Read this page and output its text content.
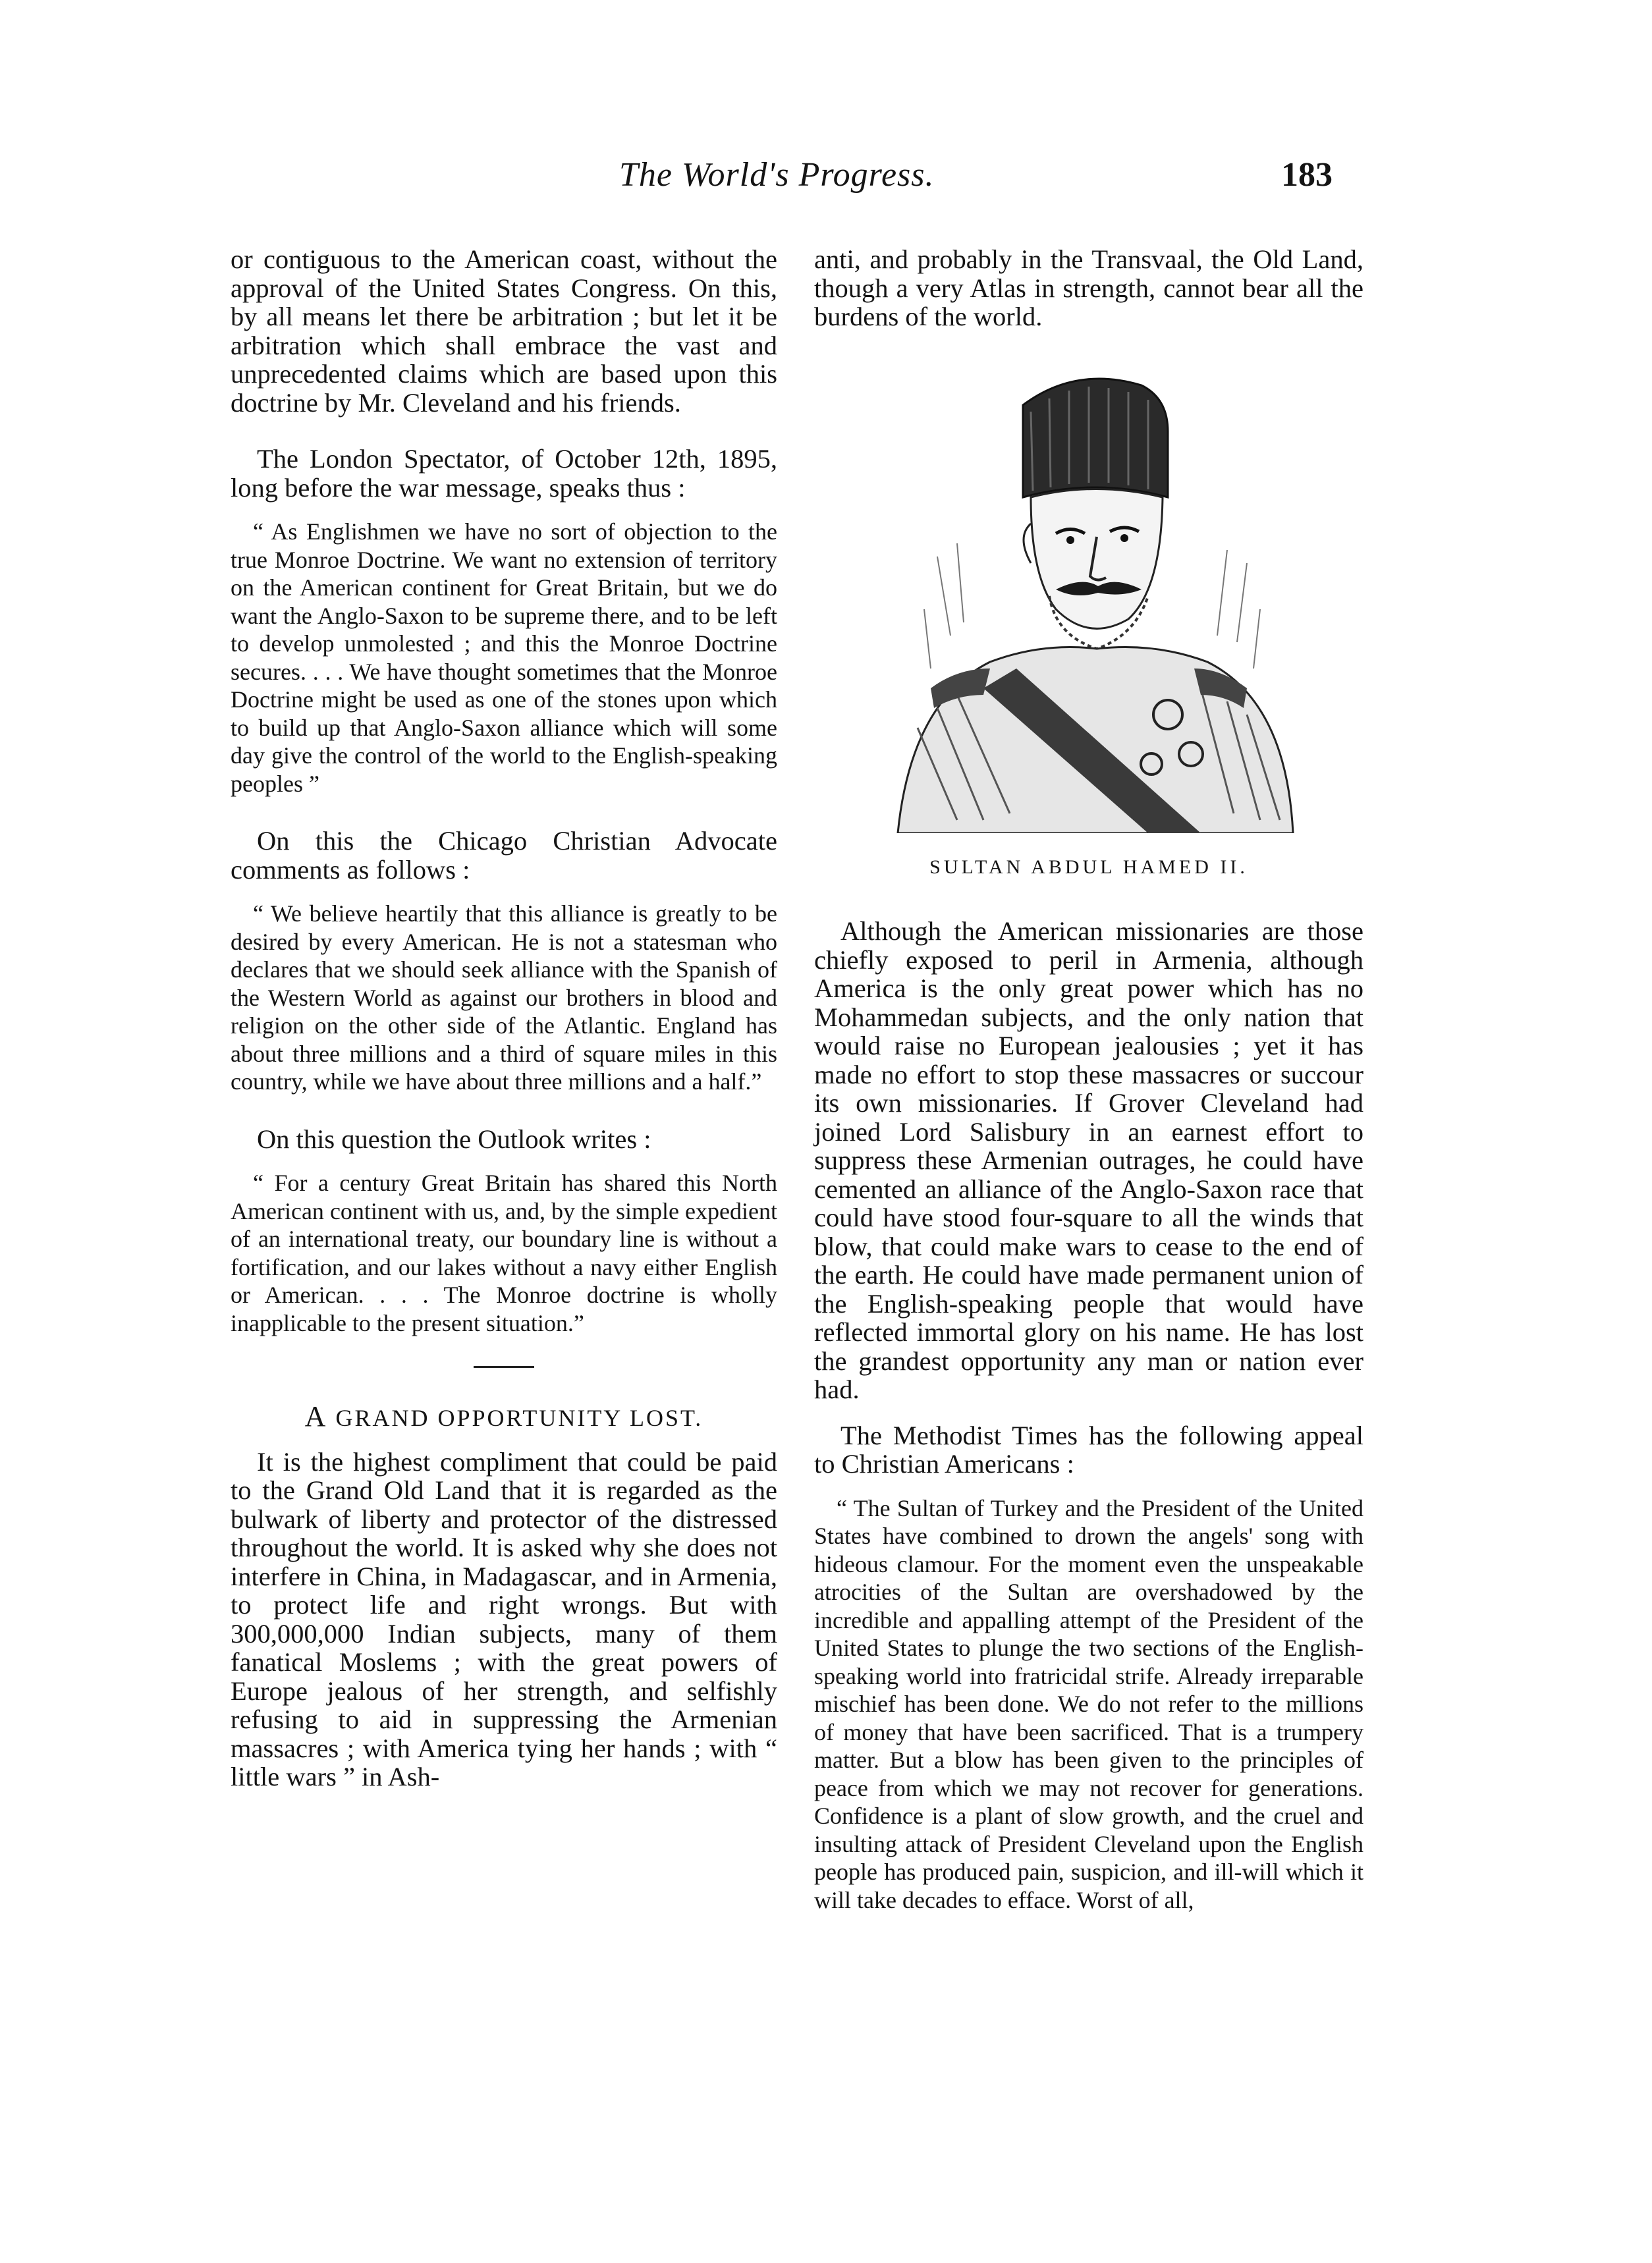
The World's Progress.	183

or contiguous to the American coast, without the approval of the United States Congress. On this, by all means let there be arbitration ; but let it be arbitration which shall embrace the vast and unprecedented claims which are based upon this doctrine by Mr. Cleveland and his friends.

The London Spectator, of October 12th, 1895, long before the war message, speaks thus :

“ As Englishmen we have no sort of objection to the true Monroe Doctrine. We want no extension of territory on the American continent for Great Britain, but we do want the Anglo-Saxon to be supreme there, and to be left to develop unmolested ; and this the Monroe Doctrine secures. . . . We have thought sometimes that the Monroe Doctrine might be used as one of the stones upon which to build up that Anglo-Saxon alliance which will some day give the control of the world to the English-speaking peoples ”

On this the Chicago Christian Advocate comments as follows :

“ We believe heartily that this alliance is greatly to be desired by every American. He is not a statesman who declares that we should seek alliance with the Spanish of the Western World as against our brothers in blood and religion on the other side of the Atlantic. England has about three millions and a third of square miles in this country, while we have about three millions and a half.”

On this question the Outlook writes :

“ For a century Great Britain has shared this North American continent with us, and, by the simple expedient of an international treaty, our boundary line is without a fortification, and our lakes without a navy either English or American. . . . The Monroe doctrine is wholly inapplicable to the present situation.”

A GRAND OPPORTUNITY LOST.

It is the highest compliment that could be paid to the Grand Old Land that it is regarded as the bulwark of liberty and protector of the distressed throughout the world. It is asked why she does not interfere in China, in Madagascar, and in Armenia, to protect life and right wrongs. But with 300,000,000 Indian subjects, many of them fanatical Moslems ; with the great powers of Europe jealous of her strength, and selfishly refusing to aid in suppressing the Armenian massacres ; with America tying her hands ; with “ little wars ” in Ash-

anti, and probably in the Transvaal, the Old Land, though a very Atlas in strength, cannot bear all the burdens of the world.

SULTAN ABDUL HAMED II.

Although the American missionaries are those chiefly exposed to peril in Armenia, although America is the only great power which has no Mohammedan subjects, and the only nation that would raise no European jealousies ; yet it has made no effort to stop these massacres or succour its own missionaries. If Grover Cleveland had joined Lord Salisbury in an earnest effort to suppress these Armenian outrages, he could have cemented an alliance of the Anglo-Saxon race that could have stood four-square to all the winds that blow, that could make wars to cease to the end of the earth. He could have made permanent union of the English-speaking people that would have reflected immortal glory on his name. He has lost the grandest opportunity any man or nation ever had.

The Methodist Times has the following appeal to Christian Americans :

“ The Sultan of Turkey and the President of the United States have combined to drown the angels' song with hideous clamour. For the moment even the unspeakable atrocities of the Sultan are overshadowed by the incredible and appalling attempt of the President of the United States to plunge the two sections of the English-speaking world into fratricidal strife. Already irreparable mischief has been done. We do not refer to the millions of money that have been sacrificed. That is a trumpery matter. But a blow has been given to the principles of peace from which we may not recover for generations. Confidence is a plant of slow growth, and the cruel and insulting attack of President Cleveland upon the English people has produced pain, suspicion, and ill-will which it will take decades to efface. Worst of all,
